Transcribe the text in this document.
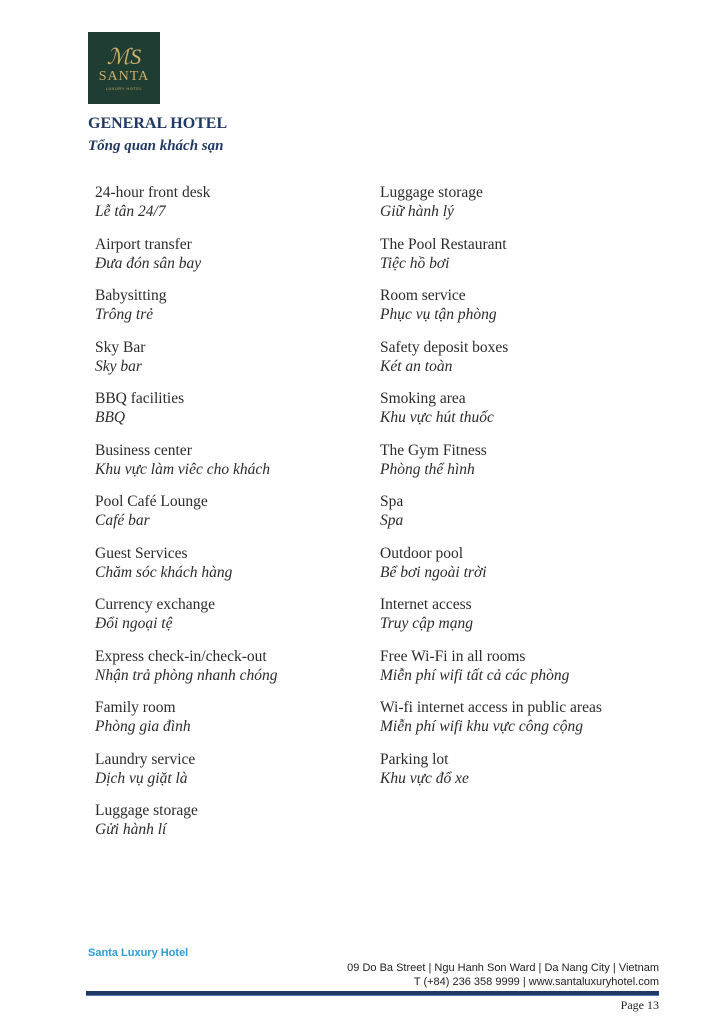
ℳS
SANTA
LUXURY HOTEL
GENERAL HOTEL
Tổng quan khách sạn
24-hour front desk
Lễ tân 24/7
Airport transfer
Đưa đón sân bay
Babysitting
Trông trẻ
Sky Bar
Sky bar
BBQ facilities
BBQ
Business center
Khu vực làm viêc cho khách
Pool Café Lounge
Café bar
Guest Services
Chăm sóc khách hàng
Currency exchange
Đổi ngoại tệ
Express check-in/check-out
Nhận trả phòng nhanh chóng
Family room
Phòng gia đình
Laundry service
Dịch vụ giặt là
Luggage storage
Gửi hành lí
Luggage storage
Giữ hành lý
The Pool Restaurant
Tiệc hồ bơi
Room service
Phục vụ tận phòng
Safety deposit boxes
Két an toàn
Smoking area
Khu vực hút thuốc
The Gym Fitness
Phòng thể hình
Spa
Spa
Outdoor pool
Bể bơi ngoài trời
Internet access
Truy cập mạng
Free Wi-Fi in all rooms
Miễn phí wifi tất cả các phòng
Wi-fi internet access in public areas
Miễn phí wifi khu vực công cộng
Parking lot
Khu vực đổ xe
Santa Luxury Hotel
09 Do Ba Street | Ngu Hanh Son Ward | Da Nang City | Vietnam
T (+84) 236 358 9999 | www.santaluxuryhotel.com
Page 13
